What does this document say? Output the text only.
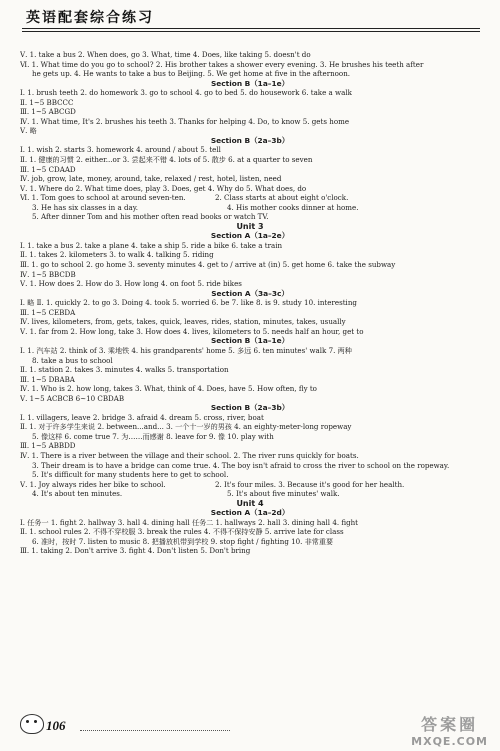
英语配套综合练习
Ⅴ. 1. take a bus 2. When does, go 3. What, time 4. Does, like taking 5. doesn't do
Ⅵ. 1. What time do you go to school? 2. His brother takes a shower every evening. 3. He brushes his teeth after
he gets up. 4. He wants to take a bus to Beijing. 5. We get home at five in the afternoon.
Section B（1a–1e）
Ⅰ. 1. brush teeth 2. do homework 3. go to school 4. go to bed 5. do housework 6. take a walk
Ⅱ. 1~5 BBCCC
Ⅲ. 1~5 ABCGD
Ⅳ. 1. What time, It's 2. brushes his teeth 3. Thanks for helping 4. Do, to know 5. gets home
Ⅴ. 略
Section B（2a–3b）
Ⅰ. 1. wish 2. starts 3. homework 4. around / about 5. tell
Ⅱ. 1. 健康的习惯 2. either...or 3. 尝起来不错 4. lots of 5. 散步 6. at a quarter to seven
Ⅲ. 1~5 CDAAD
Ⅳ. job, grow, late, money, around, take, relaxed / rest, hotel, listen, need
Ⅴ. 1. Where do 2. What time does, play 3. Does, get 4. Why do 5. What does, do
Ⅵ. 1. Tom goes to school at around seven-ten.	2. Class starts at about eight o'clock.
3. He has six classes in a day.	4. His mother cooks dinner at home.
5. After dinner Tom and his mother often read books or watch TV.
Unit 3
Section A（1a–2e）
Ⅰ. 1. take a bus 2. take a plane 4. take a ship 5. ride a bike 6. take a train
Ⅱ. 1. takes 2. kilometers 3. to walk 4. talking 5. riding
Ⅲ. 1. go to school 2. go home 3. seventy minutes 4. get to / arrive at (in) 5. get home 6. take the subway
Ⅳ. 1~5 BBCDB
Ⅴ. 1. How does 2. How do 3. How long 4. on foot 5. ride bikes
Section A（3a–3c）
Ⅰ. 略 Ⅱ. 1. quickly 2. to go 3. Doing 4. took 5. worried 6. be 7. like 8. is 9. study 10. interesting
Ⅲ. 1~5 CEBDA
Ⅳ. lives, kilometers, from, gets, takes, quick, leaves, rides, station, minutes, takes, usually
Ⅴ. 1. far from 2. How long, take 3. How does 4. lives, kilometers to 5. needs half an hour, get to
Section B（1a–1e）
Ⅰ. 1. 汽车站 2. think of 3. 乘地铁 4. his grandparents' home 5. 多远 6. ten minutes' walk 7. 两种
8. take a bus to school
Ⅱ. 1. station 2. takes 3. minutes 4. walks 5. transportation
Ⅲ. 1~5 DBABA
Ⅳ. 1. Who is 2. how long, takes 3. What, think of 4. Does, have 5. How often, fly to
Ⅴ. 1~5 ACBCB 6~10 CBDAB
Section B（2a–3b）
Ⅰ. 1. villagers, leave 2. bridge 3. afraid 4. dream 5. cross, river, boat
Ⅱ. 1. 对于许多学生来说 2. between...and... 3. 一个十一岁的男孩 4. an eighty-meter-long ropeway
5. 像这样 6. come true 7. 为……而感谢 8. leave for 9. 像 10. play with
Ⅲ. 1~5 ABBDD
Ⅳ. 1. There is a river between the village and their school. 2. The river runs quickly for boats.
3. Their dream is to have a bridge can come true. 4. The boy isn't afraid to cross the river to school on the ropeway.
5. It's difficult for many students here to get to school.
Ⅴ. 1. Joy always rides her bike to school.	2. It's four miles. 3. Because it's good for her health.
4. It's about ten minutes.	5. It's about five minutes' walk.
Unit 4
Section A（1a–2d）
Ⅰ. 任务一 1. fight 2. hallway 3. hall 4. dining hall 任务二 1. hallways 2. hall 3. dining hall 4. fight
Ⅱ. 1. school rules 2. 不得不穿校服 3. break the rules 4. 不得不保持安静 5. arrive late for class
6. 准时，按时 7. listen to music 8. 把播放机带到学校 9. stop fight / fighting 10. 非常重要
Ⅲ. 1. taking 2. Don't arrive 3. fight 4. Don't listen 5. Don't bring
106	答案圈
MXQE.COM
